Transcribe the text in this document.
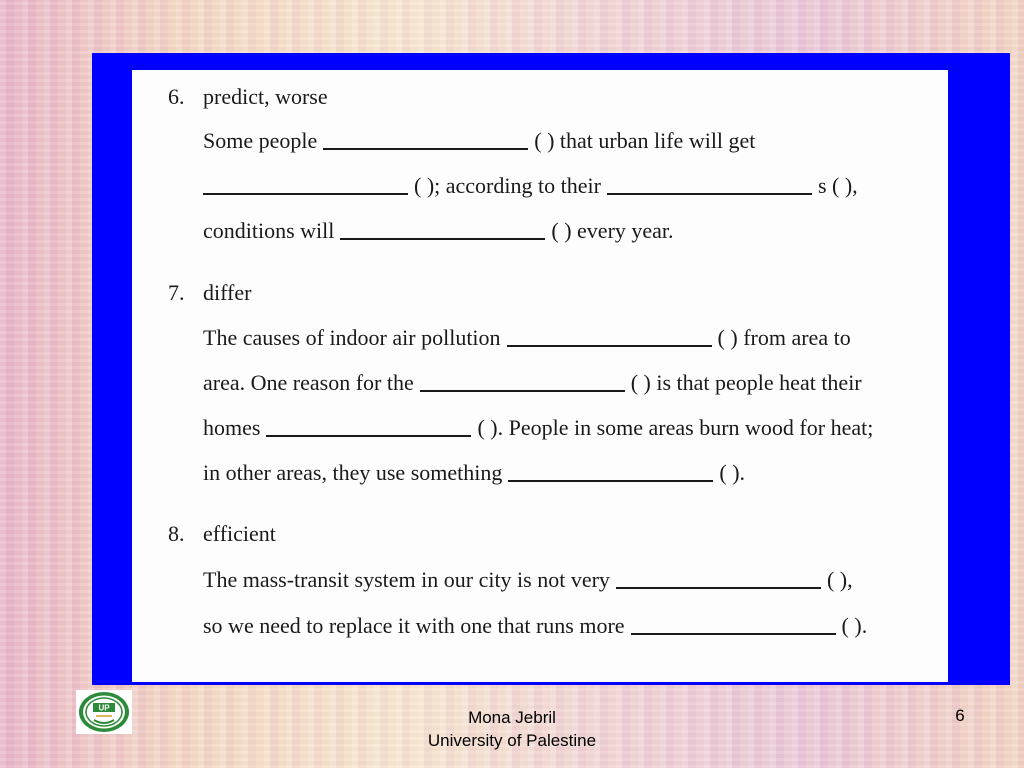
6. predict, worse
Some people	( ) that urban life will get
( ); according to their	s ( ),
conditions will	( ) every year.
7. differ
The causes of indoor air pollution	( ) from area to
area. One reason for the	( ) is that people heat their
homes	( ). People in some areas burn wood for heat;
in other areas, they use something	( ).
8. efficient
The mass-transit system in our city is not very	( ),
so we need to replace it with one that runs more	( ).
UP	Mona Jebril
University of Palestine
6
